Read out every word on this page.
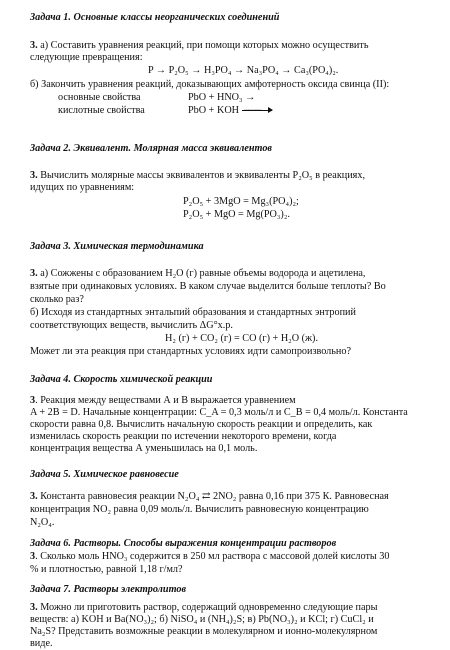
Задача 1. Основные классы неорганических соединений
3. а) Составить уравнения реакций, при помощи которых можно осуществить
следующие превращения:
P → P₂O₅ → H₃PO₄ → Na₃PO₄ → Ca₃(PO₄)₂.
б) Закончить уравнения реакций, доказывающих амфотерность оксида свинца (II):
основные свойства	PbO + HNO₃ →
кислотные свойства	PbO + KOH сплавление
Задача 2. Эквивалент. Молярная масса эквивалентов
3. Вычислить молярные массы эквивалентов и эквиваленты P₂O₅ в реакциях,
идущих по уравнениям:
P₂O₅ + 3MgO = Mg₃(PO₄)₂;
P₂O₅ + MgO = Mg(PO₃)₂.
Задача 3. Химическая термодинамика
3. а) Сожжены с образованием H₂O (г) равные объемы водорода и ацетилена,
взятые при одинаковых условиях. В каком случае выделится больше теплоты? Во
сколько раз?
б) Исходя из стандартных энтальпий образования и стандартных энтропий
соответствующих веществ, вычислить ΔG°х.р.
H₂ (г) + CO₂ (г) = CO (г) + H₂O (ж).
Может ли эта реакция при стандартных условиях идти самопроизвольно?
Задача 4. Скорость химической реакции
3. Реакция между веществами А и В выражается уравнением
A + 2B = D. Начальные концентрации: C_A = 0,3 моль/л и C_B = 0,4 моль/л. Константа
скорости равна 0,8. Вычислить начальную скорость реакции и определить, как
изменилась скорость реакции по истечении некоторого времени, когда
концентрация вещества А уменьшилась на 0,1 моль.
Задача 5. Химическое равновесие
3. Константа равновесия реакции N₂O₄ ⇄ 2NO₂ равна 0,16 при 375 К. Равновесная
концентрация NO₂ равна 0,09 моль/л. Вычислить равновесную концентрацию
N₂O₄.
Задача 6. Растворы. Способы выражения концентрации растворов
3. Сколько моль HNO₃ содержится в 250 мл раствора с массовой долей кислоты 30
% и плотностью, равной 1,18 г/мл?
Задача 7. Растворы электролитов
3. Можно ли приготовить раствор, содержащий одновременно следующие пары
веществ: а) KOH и Ba(NO₃)₂; б) NiSO₄ и (NH₄)₂S; в) Pb(NO₃)₂ и KCl; г) CuCl₂ и
Na₂S? Представить возможные реакции в молекулярном и ионно-молекулярном
виде.
